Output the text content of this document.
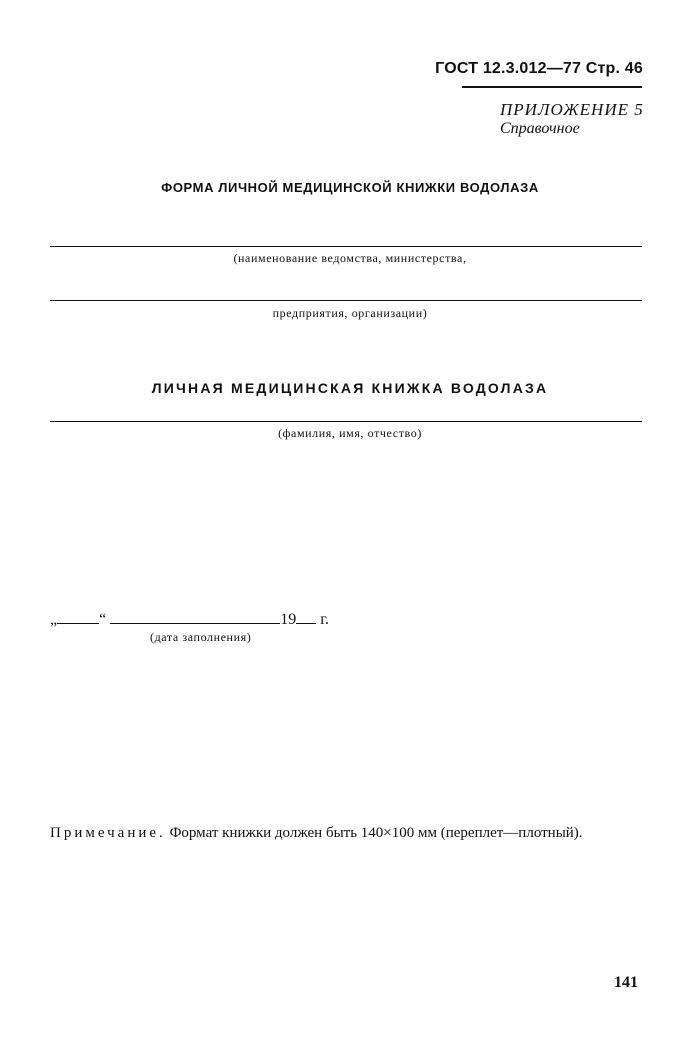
ГОСТ 12.3.012—77 Стр. 46
ПРИЛОЖЕНИЕ 5
Справочное
ФОРМА ЛИЧНОЙ МЕДИЦИНСКОЙ КНИЖКИ ВОДОЛАЗА
(наименование ведомства, министерства,
предприятия, организации)
ЛИЧНАЯ МЕДИЦИНСКАЯ КНИЖКА ВОДОЛАЗА
(фамилия, имя, отчество)
„	“	19 г.
(дата заполнения)
Примечание. Формат книжки должен быть 140×100 мм (переплет—плотный).
141
